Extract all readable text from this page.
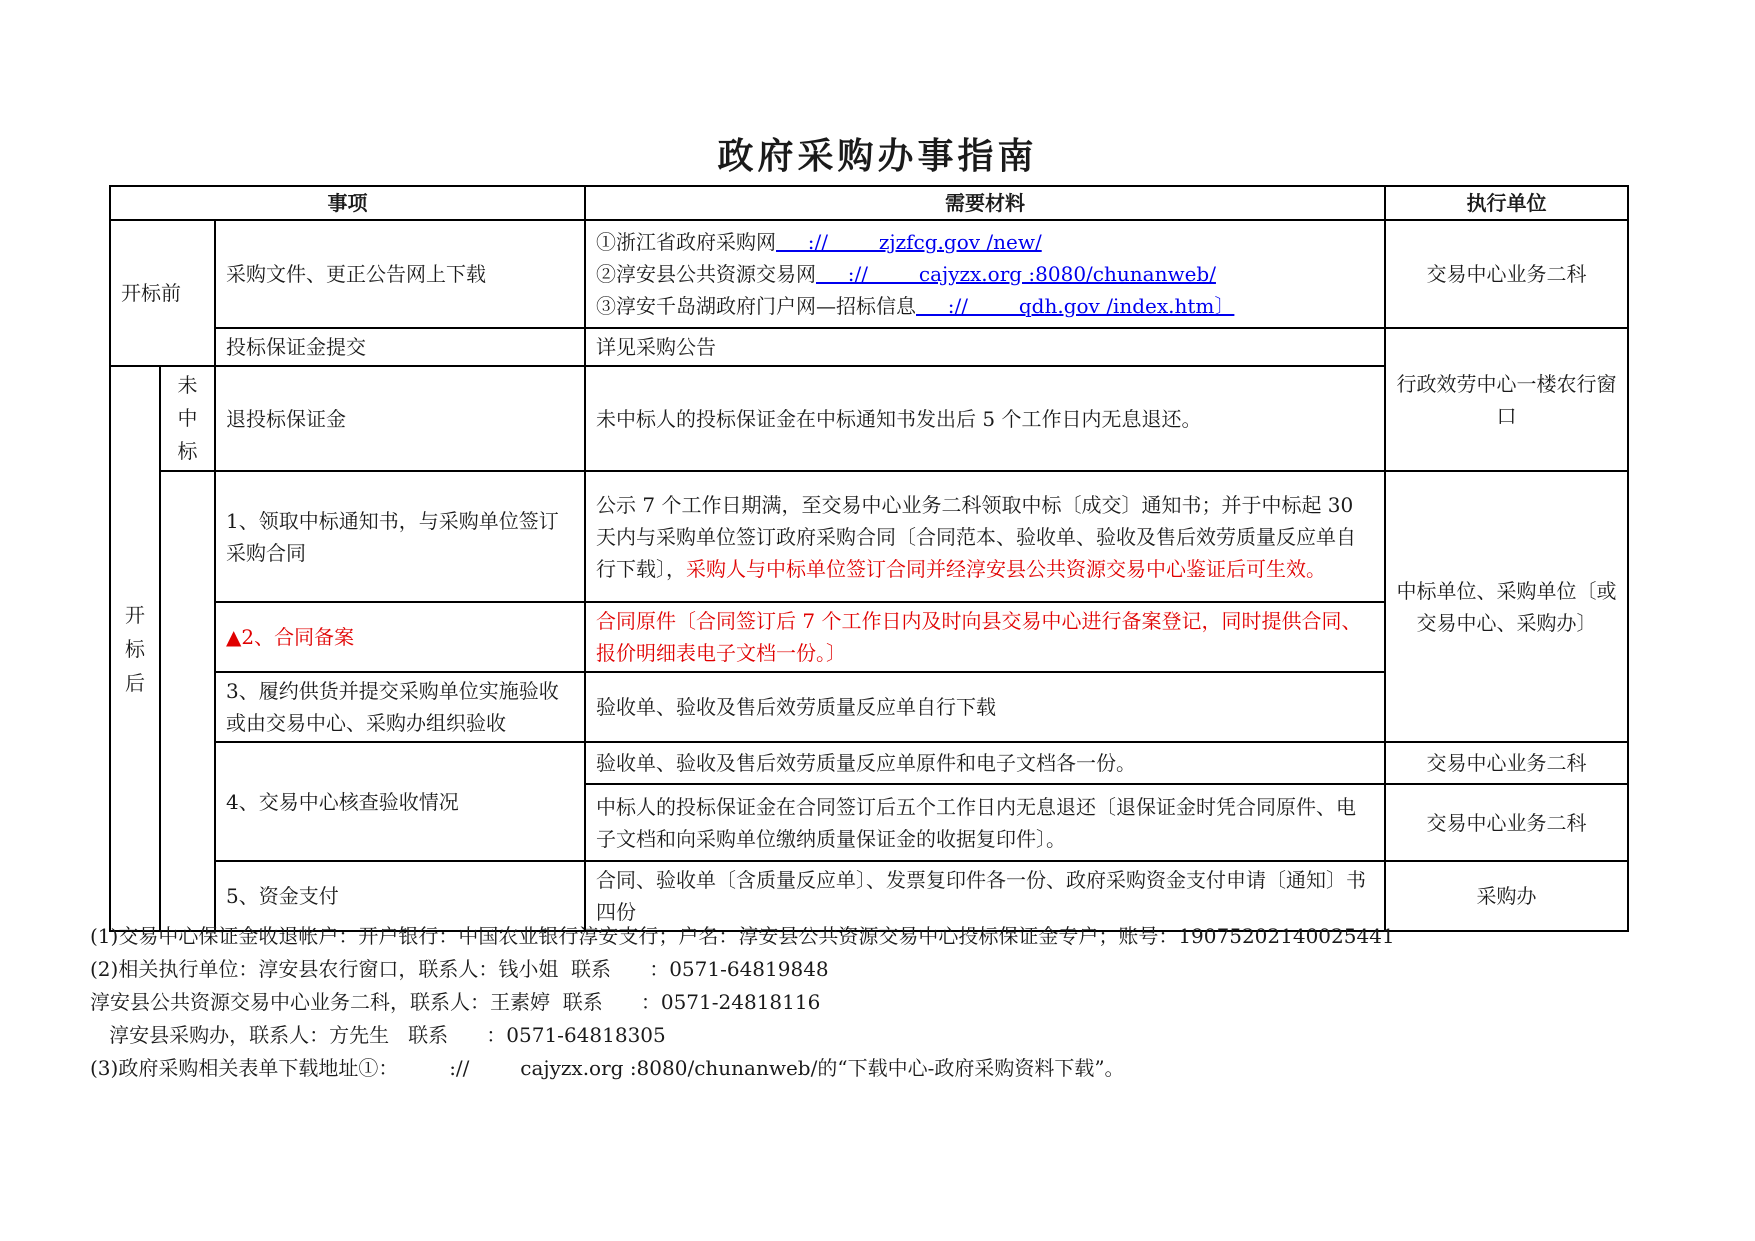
政府采购办事指南
事项			需要材料	执行单位
开标前		采购文件、更正公告网上下载	①浙江省政府采购网     ://        zjzfcg.gov /new/
②淳安县公共资源交易网     ://        cajyzx.org :8080/chunanweb/
③淳安千岛湖政府门户网—招标信息     ://        qdh.gov /index.htm〕	交易中心业务二科
		投标保证金提交	详见采购公告	行政效劳中心一楼农行窗口

开标后	未中标	退投标保证金	未中标人的投标保证金在中标通知书发出后 5 个工作日内无息退还。	
		1、领取中标通知书，与采购单位签订采购合同	公示 7 个工作日期满，至交易中心业务二科领取中标〔成交〕通知书；并于中标起 30 天内与采购单位签订政府采购合同〔合同范本、验收单、验收及售后效劳质量反应单自行下载〕，采购人与中标单位签订合同并经淳安县公共资源交易中心鉴证后可生效。	中标单位、采购单位〔或交易中心、采购办〕
		▲2、合同备案	合同原件〔合同签订后 7 个工作日内及时向县交易中心进行备案登记，同时提供合同、报价明细表电子文档一份。〕	
		3、履约供货并提交采购单位实施验收或由交易中心、采购办组织验收	验收单、验收及售后效劳质量反应单自行下载	
		4、交易中心核查验收情况	验收单、验收及售后效劳质量反应单原件和电子文档各一份。	交易中心业务二科
			中标人的投标保证金在合同签订后五个工作日内无息退还〔退保证金时凭合同原件、电子文档和向采购单位缴纳质量保证金的收据复印件〕。	交易中心业务二科
		5、资金支付	合同、验收单〔含质量反应单〕、发票复印件各一份、政府采购资金支付申请〔通知〕书四份	采购办
(1)交易中心保证金收退帐户：开户银行：中国农业银行淳安支行；户名：淳安县公共资源交易中心投标保证金专户；账号：19075202140025441
(2)相关执行单位：淳安县农行窗口，联系人：钱小姐  联系      ：0571-64819848
淳安县公共资源交易中心业务二科，联系人：王素婷  联系      ：0571-24818116
淳安县采购办，联系人：方先生   联系      ：0571-64818305
(3)政府采购相关表单下载地址①：        ://        cajyzx.org :8080/chunanweb/的“下载中心-政府采购资料下载”。
